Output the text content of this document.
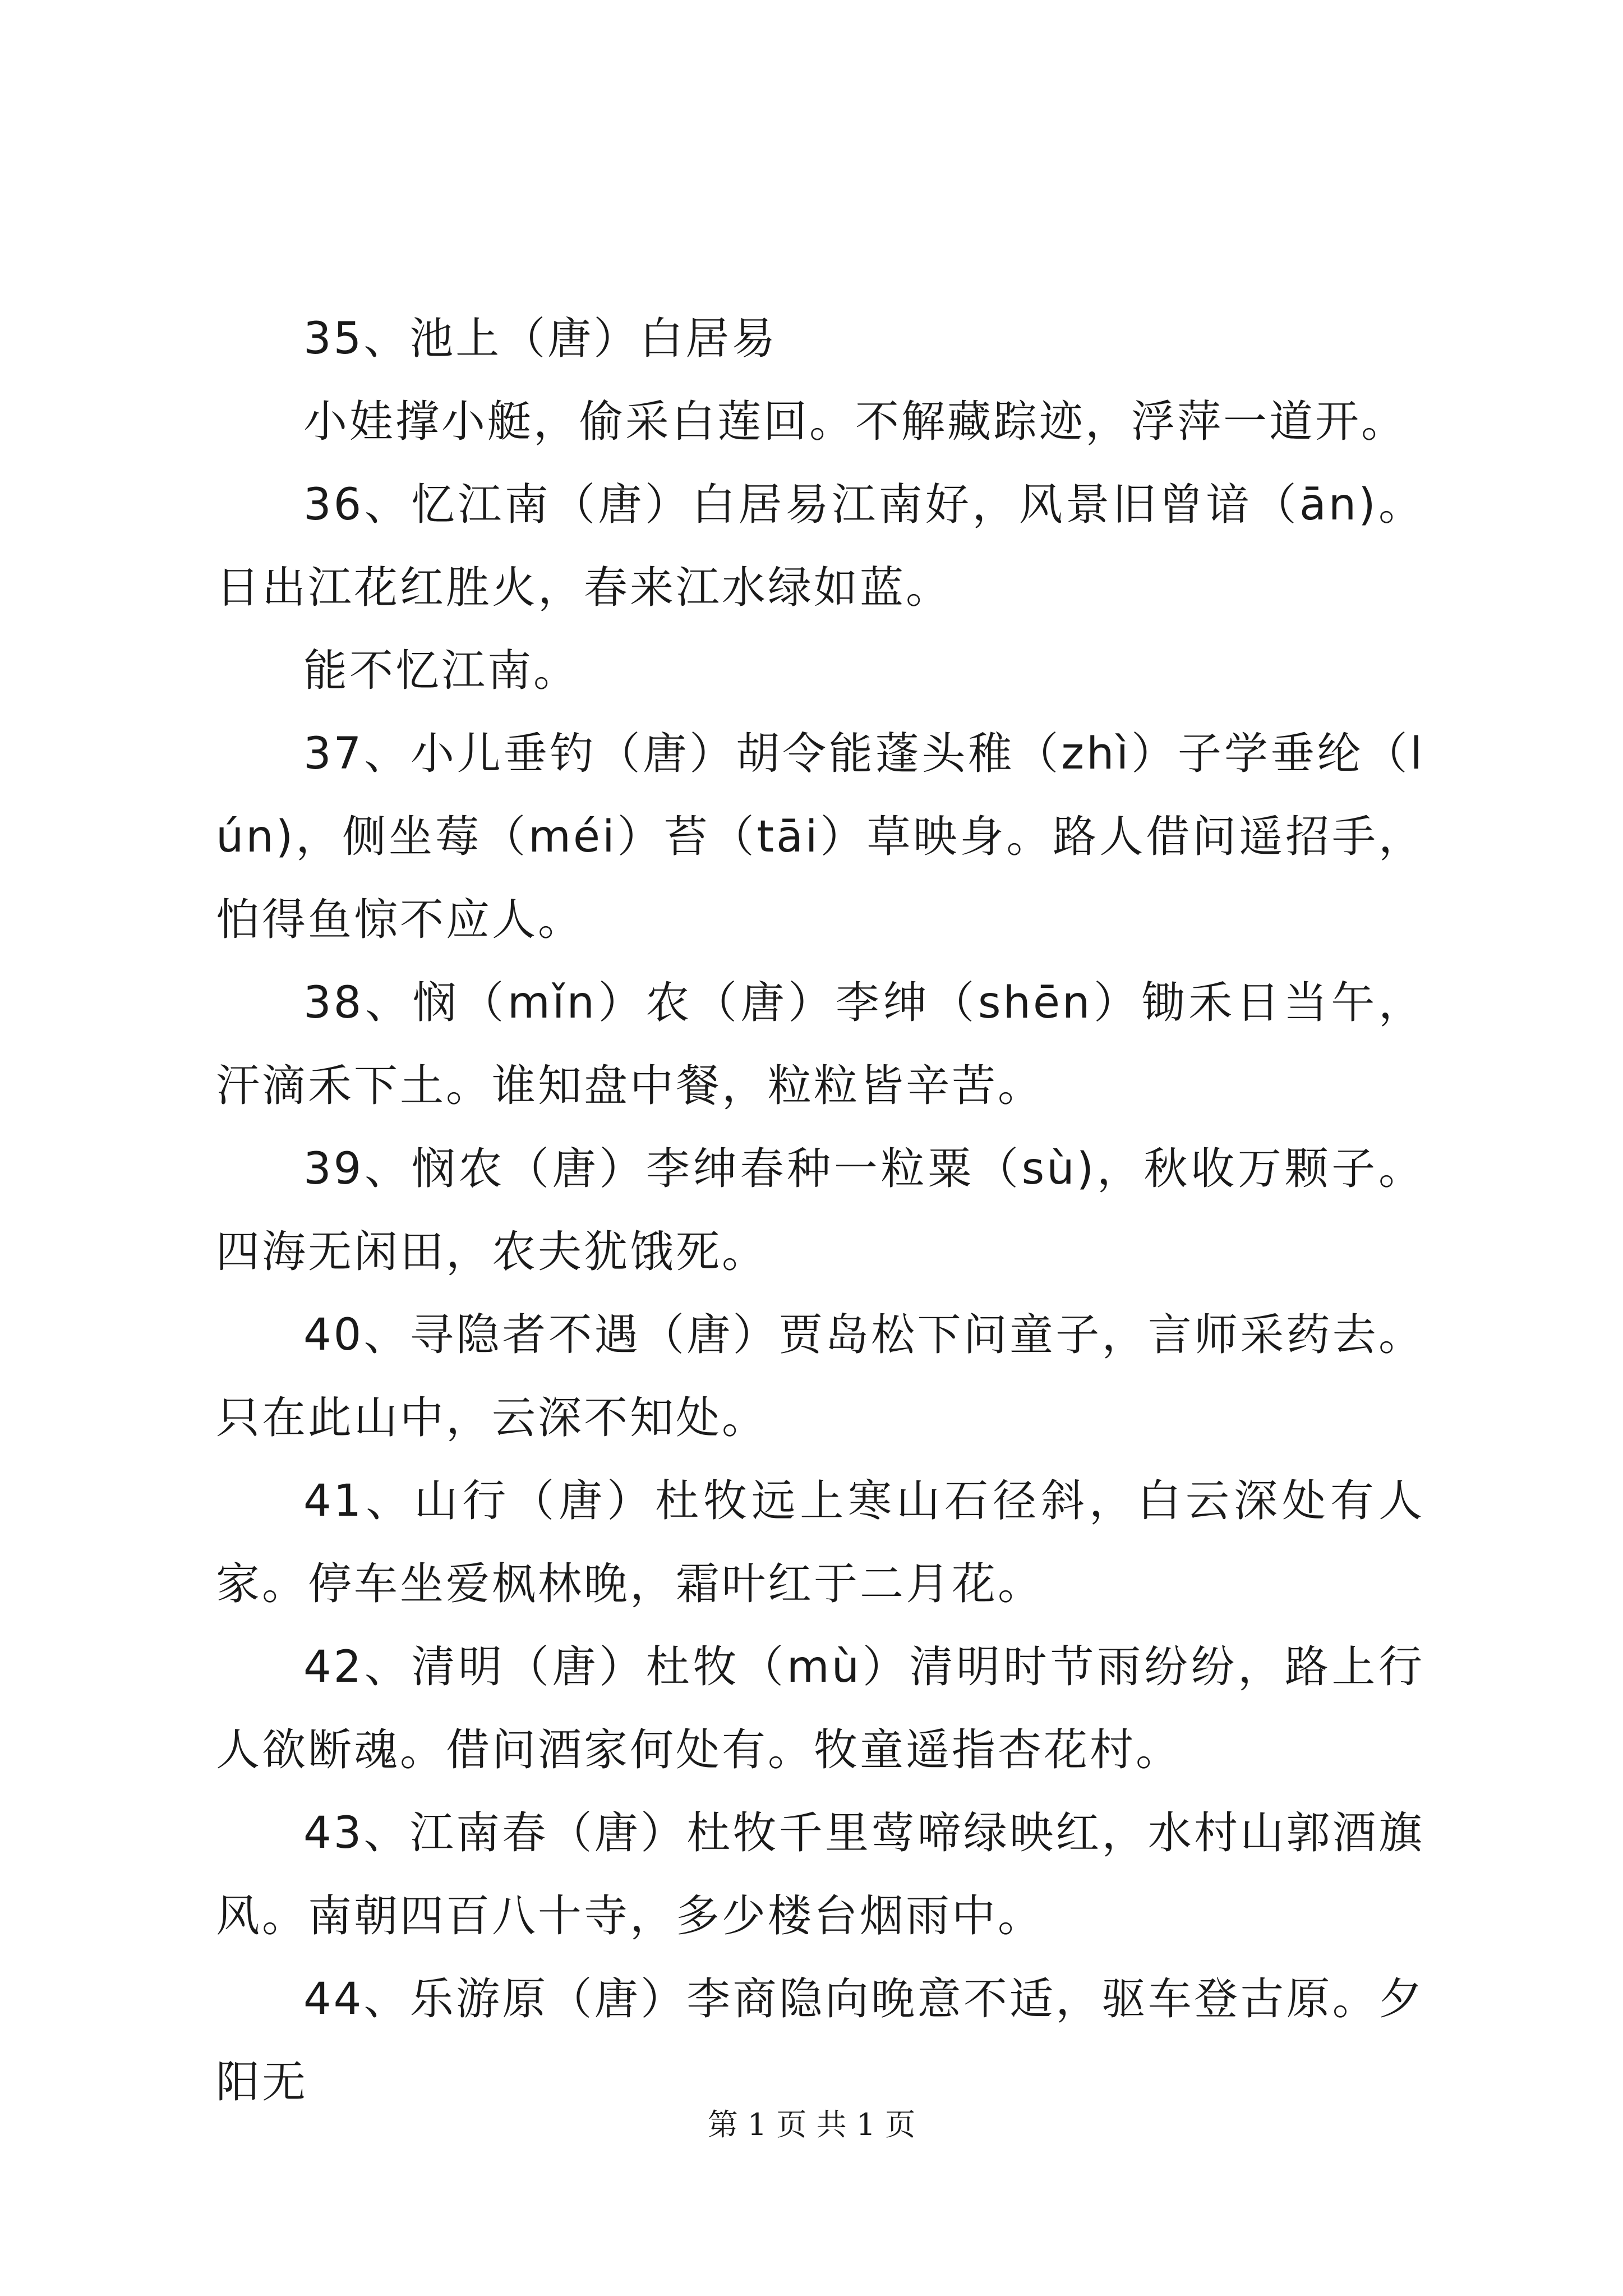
35、池上（唐）白居易

小娃撑小艇，偷采白莲回。不解藏踪迹，浮萍一道开。

36、忆江南（唐）白居易江南好，风景旧曾谙（ān)。日出江花红胜火，春来江水绿如蓝。

能不忆江南。

37、小儿垂钓（唐）胡令能蓬头稚（zhì）子学垂纶（lún)，侧坐莓（méi）苔（tāi）草映身。路人借问遥招手，怕得鱼惊不应人。

38、悯（mǐn）农（唐）李绅（shēn）锄禾日当午，汗滴禾下土。谁知盘中餐，粒粒皆辛苦。

39、悯农（唐）李绅春种一粒粟（sù)，秋收万颗子。四海无闲田，农夫犹饿死。

40、寻隐者不遇（唐）贾岛松下问童子，言师采药去。只在此山中，云深不知处。

41、山行（唐）杜牧远上寒山石径斜，白云深处有人家。停车坐爱枫林晚，霜叶红于二月花。

42、清明（唐）杜牧（mù）清明时节雨纷纷，路上行人欲断魂。借问酒家何处有。牧童遥指杏花村。

43、江南春（唐）杜牧千里莺啼绿映红，水村山郭酒旗风。南朝四百八十寺，多少楼台烟雨中。

44、乐游原（唐）李商隐向晚意不适，驱车登古原。夕阳无

第 1 页 共 1 页
